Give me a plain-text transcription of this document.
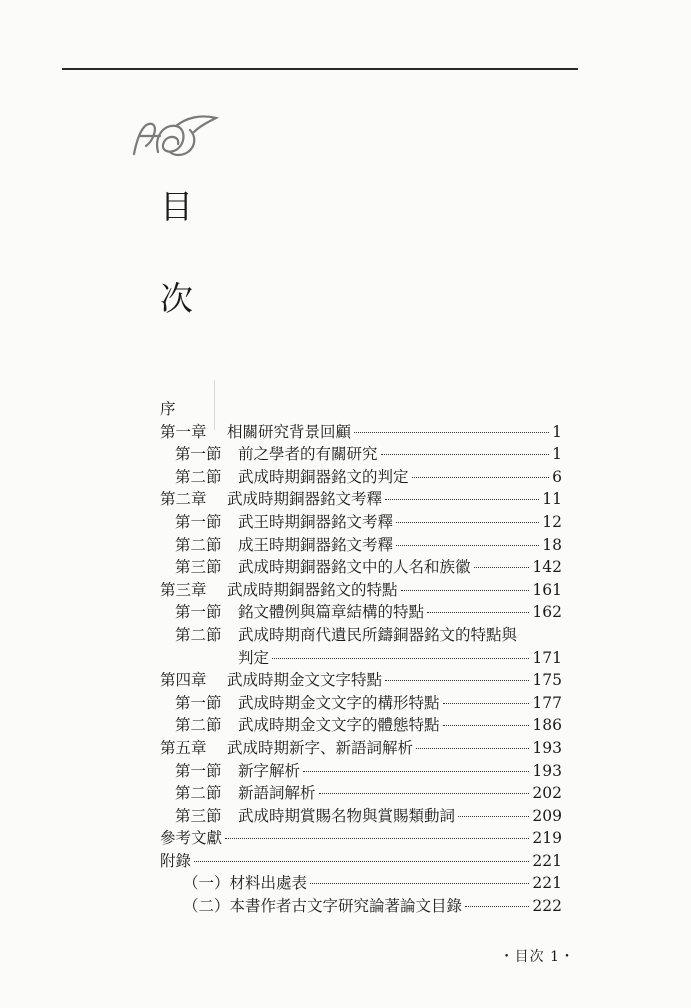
目
次
序
第一章	相關研究背景回顧	1
第一節	前之學者的有關研究	1
第二節	武成時期銅器銘文的判定	6
第二章	武成時期銅器銘文考釋	11
第一節	武王時期銅器銘文考釋	12
第二節	成王時期銅器銘文考釋	18
第三節	武成時期銅器銘文中的人名和族徽	142
第三章	武成時期銅器銘文的特點	161
第一節	銘文體例與篇章結構的特點	162
第二節	武成時期商代遺民所鑄銅器銘文的特點與
判定	171
第四章	武成時期金文文字特點	175
第一節	武成時期金文文字的構形特點	177
第二節	武成時期金文文字的體態特點	186
第五章	武成時期新字、新語詞解析	193
第一節	新字解析	193
第二節	新語詞解析	202
第三節	武成時期賞賜名物與賞賜類動詞	209
參考文獻	219
附錄	221
（一） 材料出處表	221
（二） 本書作者古文字研究論著論文目錄	222
・目次 1・
